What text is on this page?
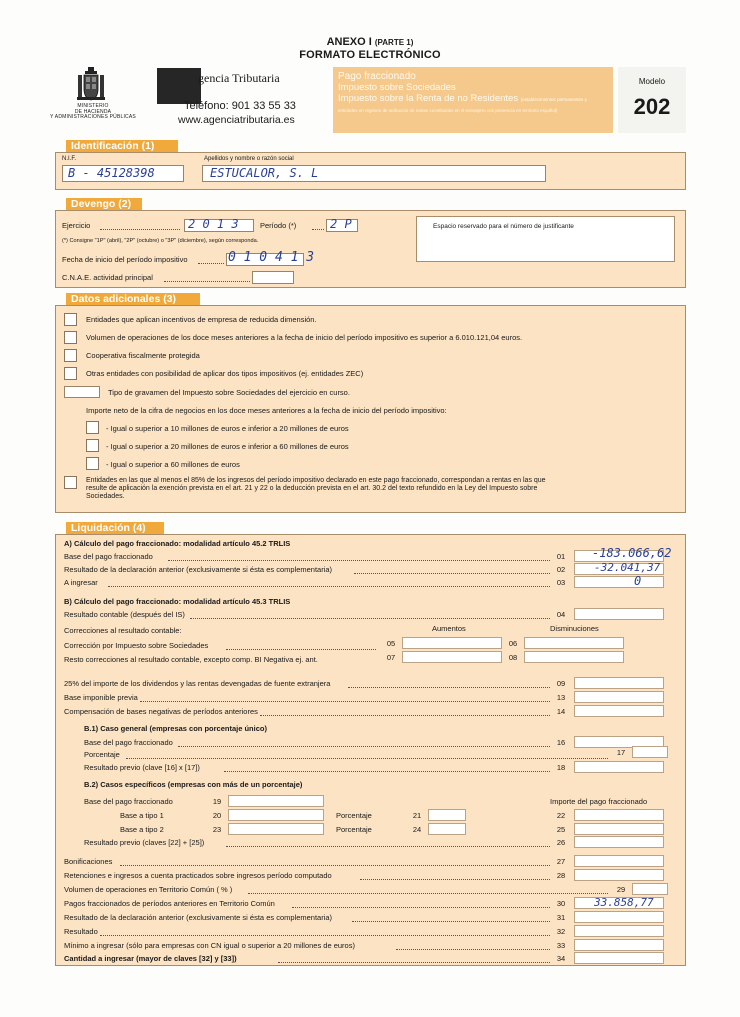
ANEXO I (PARTE 1)
FORMATO ELECTRÓNICO
MINISTERIO
DE HACIENDA
Y ADMINISTRACIONES PÚBLICAS
gencia Tributaria
Teléfono: 901 33 55 33
www.agenciatributaria.es
Pago fraccionado
Impuesto sobre Sociedades
Impuesto sobre la Renta de no Residentes (establecimientos permanentes y
entidades en régimen de atribución de rentas constituidas en el extranjero con presencia en territorio español)
Modelo
202
Identificación (1)
N.I.F.
B - 45128398
Apellidos y nombre o razón social
ESTUCALOR, S. L
Devengo (2)
Ejercicio	2 0 1 3	Período (*)	2 P
(*) Consigne "1P" (abril), "2P" (octubre) o "3P" (diciembre), según corresponda.
Fecha de inicio del período impositivo	0 1 0 4 1 3
C.N.A.E. actividad principal
Espacio reservado para el número de justificante
Datos adicionales (3)
Entidades que aplican incentivos de empresa de reducida dimensión.
Volumen de operaciones de los doce meses anteriores a la fecha de inicio del período impositivo es superior a 6.010.121,04 euros.
Cooperativa fiscalmente protegida
Otras entidades con posibilidad de aplicar dos tipos impositivos (ej. entidades ZEC)
Tipo de gravamen del Impuesto sobre Sociedades del ejercicio en curso.
Importe neto de la cifra de negocios en los doce meses anteriores a la fecha de inicio del período impositivo:
- Igual o superior a 10 millones de euros e inferior a 20 millones de euros
- Igual o superior a 20 millones de euros e inferior a 60 millones de euros
- Igual o superior a 60 millones de euros
Entidades en las que al menos el 85% de los ingresos del período impositivo declarado en este pago fraccionado, correspondan a rentas en las que
resulte de aplicación la exención prevista en el art. 21 y 22 o la deducción prevista en el art. 30.2 del texto refundido en la Ley del Impuesto sobre
Sociedades.
Liquidación (4)
A) Cálculo del pago fraccionado: modalidad artículo 45.2 TRLIS
Base del pago fraccionado	01	-183.066,62
Resultado de la declaración anterior (exclusivamente si ésta es complementaria)	02	-32.041,37
A ingresar	03	0
B) Cálculo del pago fraccionado: modalidad artículo 45.3 TRLIS
Resultado contable (después del IS)	04
Correcciones al resultado contable:	Aumentos	Disminuciones
Corrección por Impuesto sobre Sociedades	05	06
Resto correcciones al resultado contable, excepto comp. BI Negativa ej. ant.	07	08
25% del importe de los dividendos y las rentas devengadas de fuente extranjera	09
Base imponible previa	13
Compensación de bases negativas de períodos anteriores	14
B.1) Caso general (empresas con porcentaje único)
Base del pago fraccionado	16
Porcentaje	17
Resultado previo (clave [16] x [17])	18
B.2) Casos específicos (empresas con más de un porcentaje)
Base del pago fraccionado	19	Importe del pago fraccionado
Base a tipo 1	20	Porcentaje	21	22
Base a tipo 2	23	Porcentaje	24	25
Resultado previo (claves [22] + [25])	26
Bonificaciones	27
Retenciones e ingresos a cuenta practicados sobre ingresos período computado	28
Volumen de operaciones en Territorio Común ( % )	29
Pagos fraccionados de períodos anteriores en Territorio Común	30	33.858,77
Resultado de la declaración anterior (exclusivamente si ésta es complementaria)	31
Resultado	32
Mínimo a ingresar (sólo para empresas con CN igual o superior a 20 millones de euros)	33
Cantidad a ingresar (mayor de claves [32] y [33])	34
